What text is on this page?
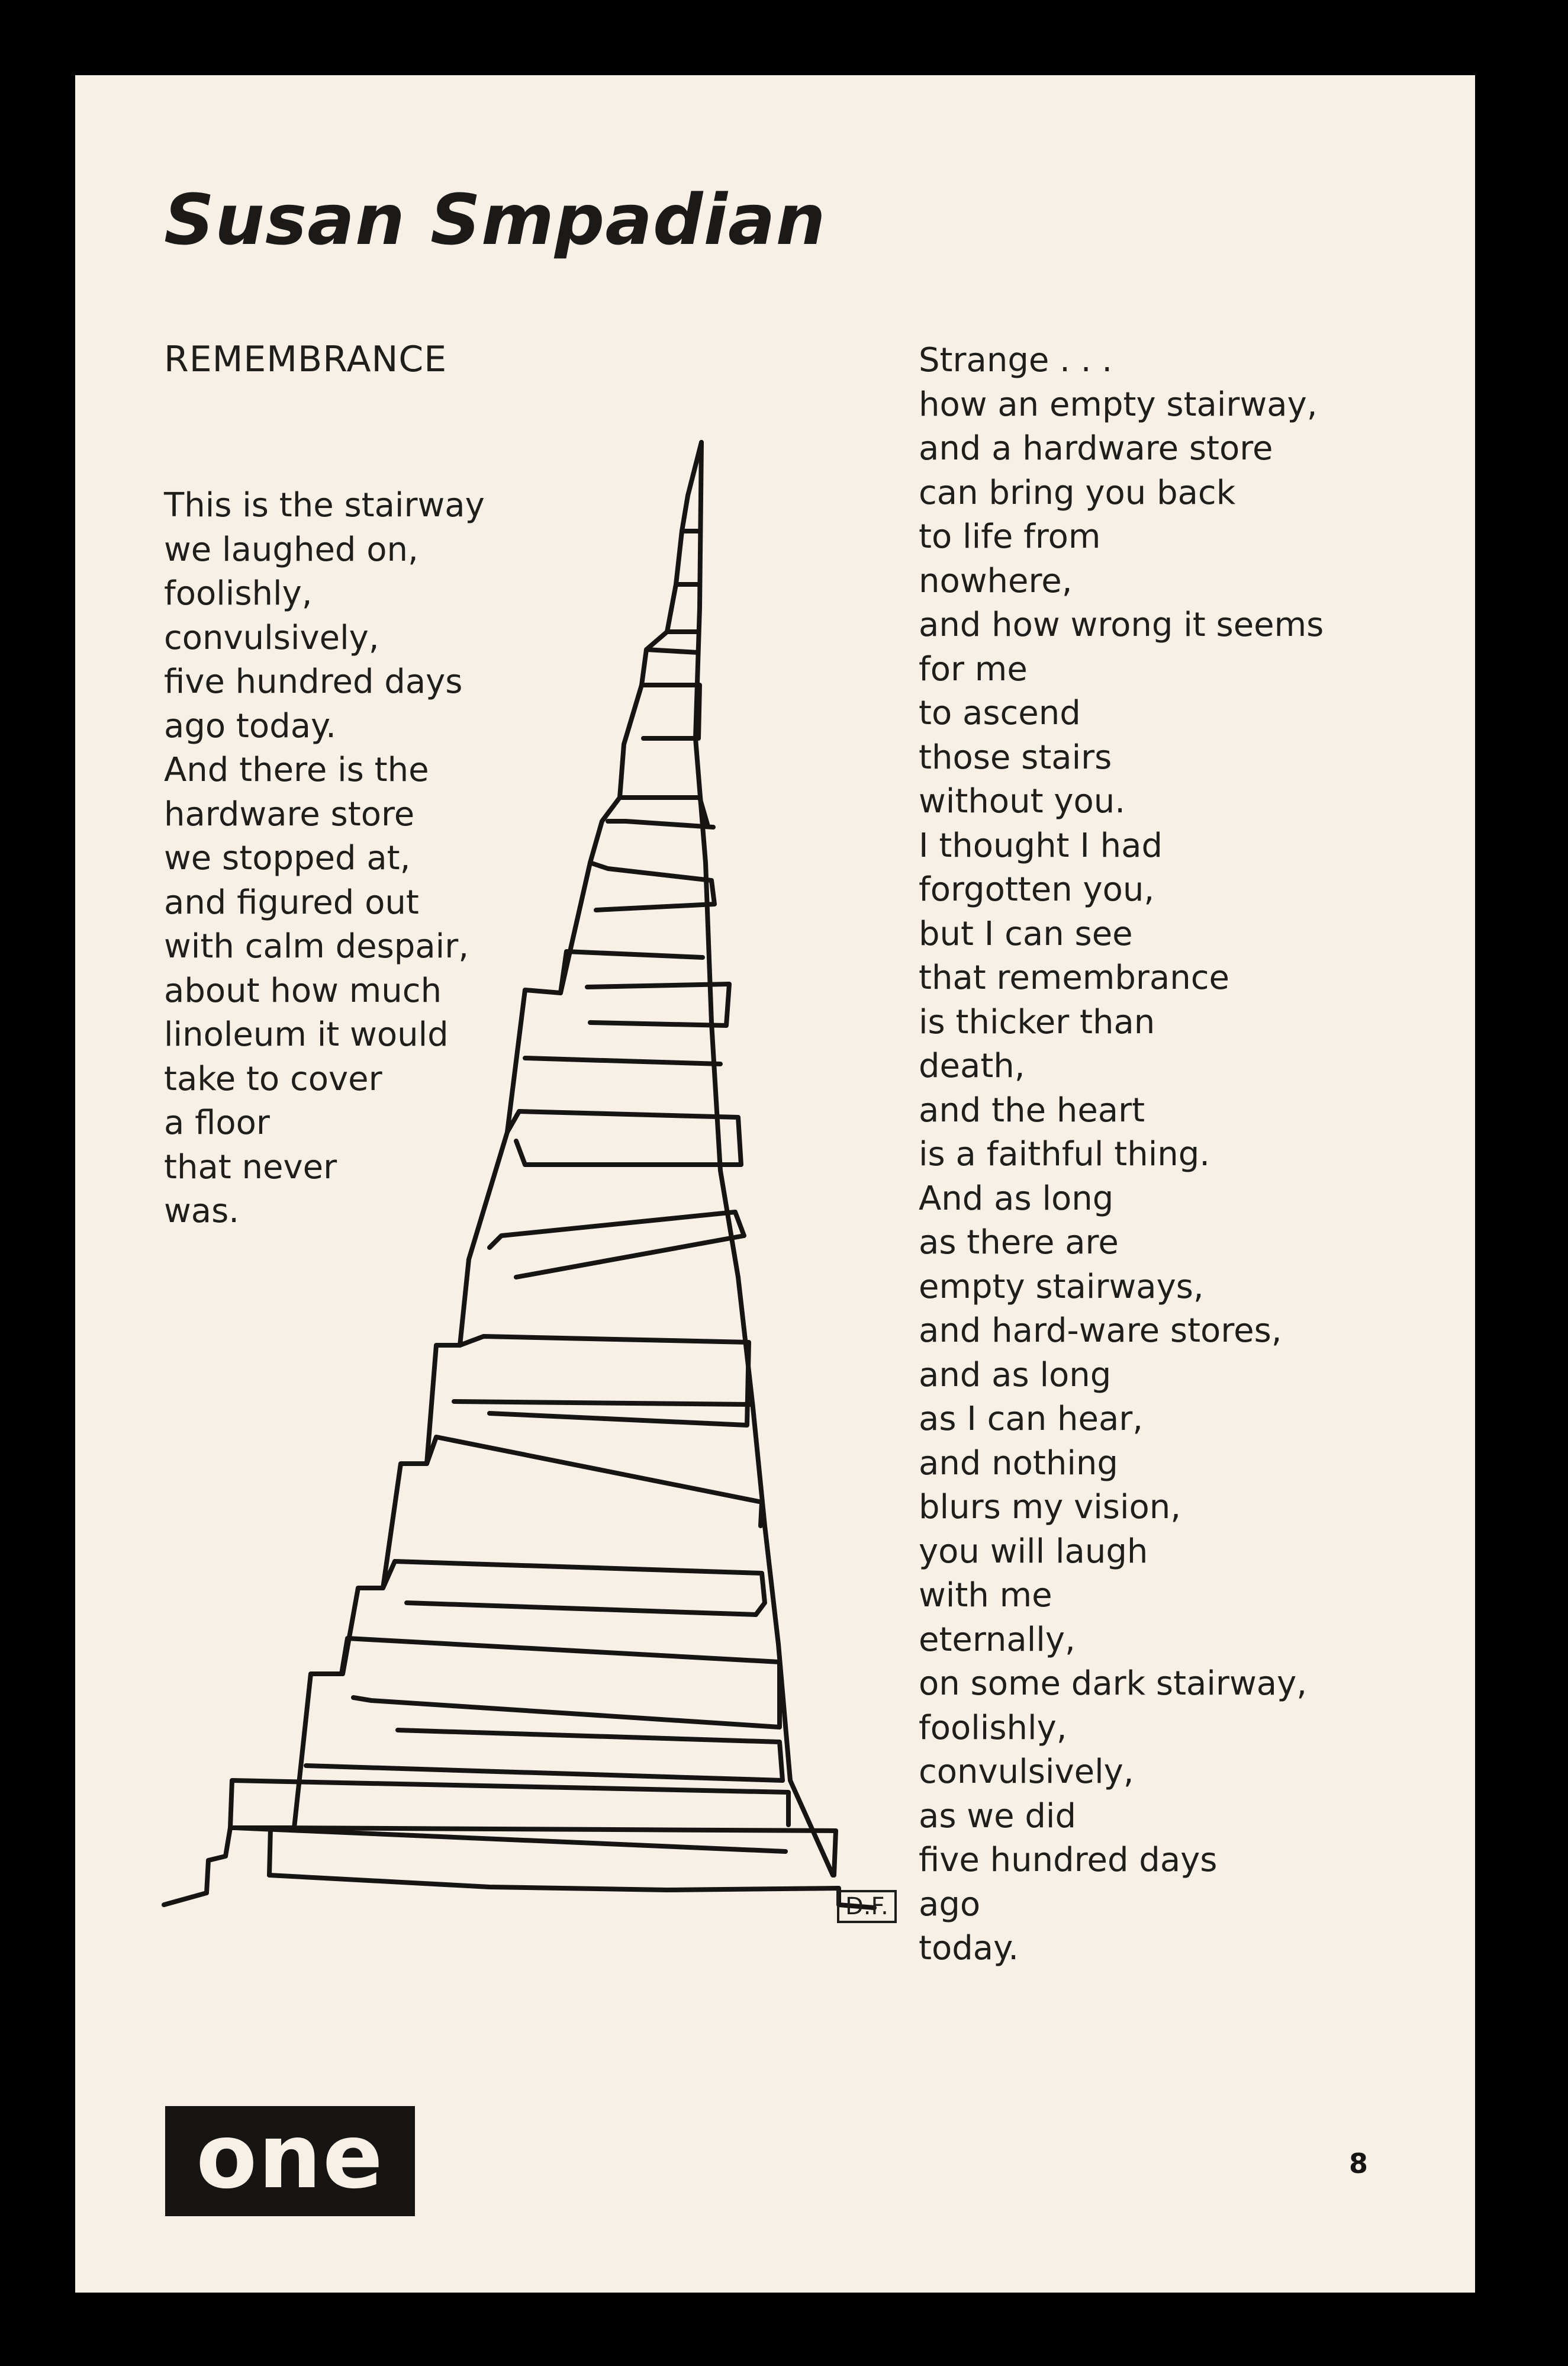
Susan Smpadian
REMEMBRANCE
This is the stairway
we laughed on,
foolishly,
convulsively,
five hundred days
ago today.
And there is the
hardware store
we stopped at,
and figured out
with calm despair,
about how much
linoleum it would
take to cover
a floor
that never
was.
Strange . . .
how an empty stairway,
and a hardware store
can bring you back
to life from
nowhere,
and how wrong it seems
for me
to ascend
those stairs
without you.
I thought I had
forgotten you,
but I can see
that remembrance
is thicker than
death,
and the heart
is a faithful thing.
And as long
as there are
empty stairways,
and hard-ware stores,
and as long
as I can hear,
and nothing
blurs my vision,
you will laugh
with me
eternally,
on some dark stairway,
foolishly,
convulsively,
as we did
five hundred days
ago
today.
D.F.
one	8
